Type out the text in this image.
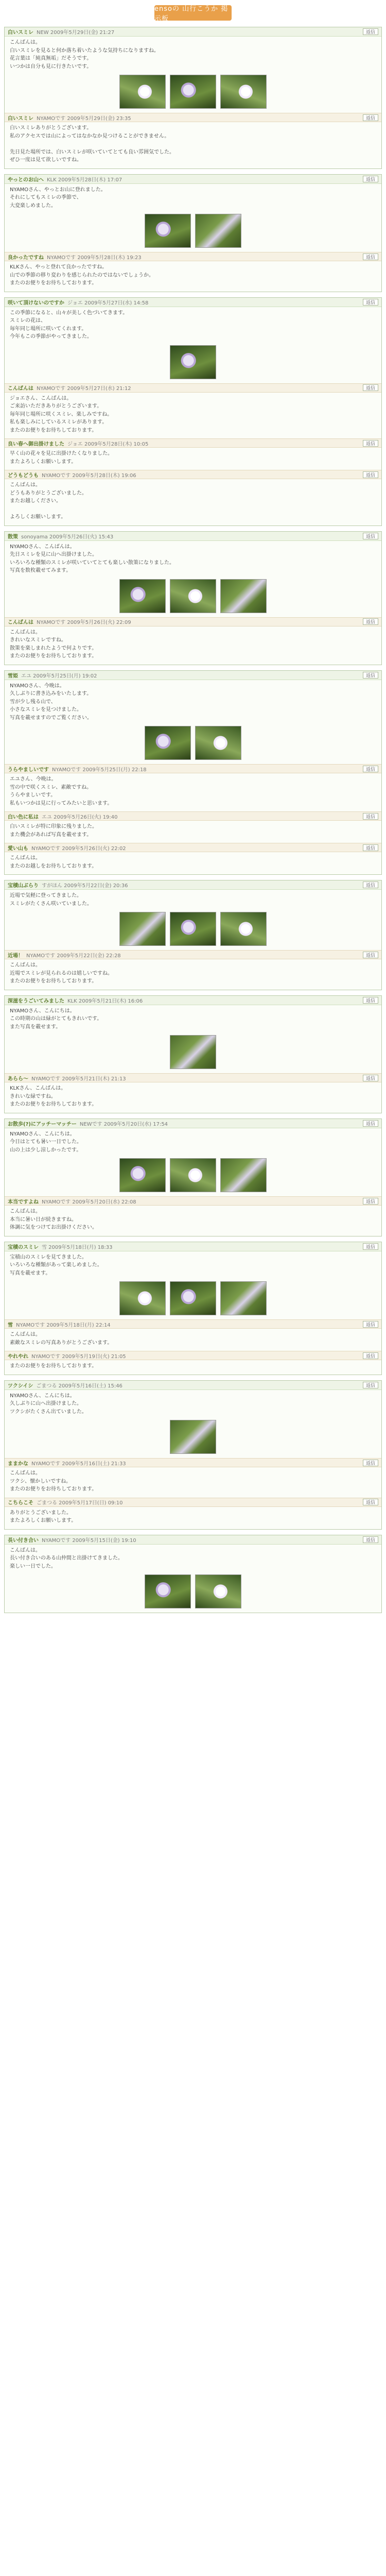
ensoの 山行こうか 掲示板
白いスミレ NEW 2009年5月29日(金) 21:27	返信
こんばんは。
白いスミレを見ると何か落ち着いたような気持ちになりますね。
花言葉は「純真無垢」だそうです。
いつかは自分も見に行きたいです。
白いスミレ NYAMOです 2009年5月29日(金) 23:35	返信
白いスミレありがとうございます。
私のアクセスでは山によってはなかなか見つけることができません。

先日見た場所では、白いスミレが咲いていてとても良い雰囲気でした。
ぜひ一度は見て欲しいですね。
やっとのお山へ KLK 2009年5月28日(木) 17:07	返信
NYAMOさん、やっとお山に登れました。
それにしてもスミレの季節で、
大変楽しめました。
良かったですね NYAMOです 2009年5月28日(木) 19:23	返信
KLKさん、やっと登れて良かったですね。
山での季節の移り変わりを感じられたのではないでしょうか。
またのお便りをお待ちしております。
咲いて頂けないのですか ジョエ 2009年5月27日(水) 14:58	返信
この季節になると、山々が美しく色づいてきます。
スミレの花は、
毎年同じ場所に咲いてくれます。
今年もこの季節がやってきました。
こんばんは NYAMOです 2009年5月27日(水) 21:12	返信
ジョエさん、こんばんは。
ご来訪いただきありがとうございます。
毎年同じ場所に咲くスミレ、楽しみですね。
私も楽しみにしているスミレがあります。
またのお便りをお待ちしております。
良い春へ御出掛けました ジョエ 2009年5月28日(木) 10:05	返信
早く山の花々を見に出掛けたくなりました。
またよろしくお願いします。
どうもどうも NYAMOです 2009年5月28日(木) 19:06	返信
こんばんは。
どうもありがとうございました。
またお越しください。

よろしくお願いします。
散策 sonoyama 2009年5月26日(火) 15:43	返信
NYAMOさん、こんばんは。
先日スミレを見に山へ出掛けました。
いろいろな種類のスミレが咲いていてとても楽しい散策になりました。
写真を数枚載せてみます。
こんばんは NYAMOです 2009年5月26日(火) 22:09	返信
こんばんは。
きれいなスミレですね。
散策を楽しまれたようで何よりです。
またのお便りをお待ちしております。
雪姫 エユ 2009年5月25日(月) 19:02	返信
NYAMOさん、今晩は。
久しぶりに書き込みをいたします。
雪が少し残る山で、
小さなスミレを見つけました。
写真を載せますのでご覧ください。
うらやましいです NYAMOです 2009年5月25日(月) 22:18	返信
エユさん、今晩は。
雪の中で咲くスミレ、素敵ですね。
うらやましいです。
私もいつかは見に行ってみたいと思います。
白い色に私は エユ 2009年5月26日(火) 19:40	返信
白いスミレが特に印象に残りました。
また機会があれば写真を載せます。
愛い山も NYAMOです 2009年5月26日(火) 22:02	返信
こんばんは。
またのお越しをお待ちしております。
宝積山ぶらり すがほん 2009年5月22日(金) 20:36	返信
近場で気軽に登ってきました。
スミレがたくさん咲いていました。
近場！ NYAMOです 2009年5月22日(金) 22:28	返信
こんばんは。
近場でスミレが見られるのは嬉しいですね。
またのお便りをお待ちしております。
深滋をうごいてみました KLK 2009年5月21日(木) 16:06	返信
NYAMOさん、こんにちは。
この時期の山は緑がとてもきれいです。
また写真を載せます。
あらら～ NYAMOです 2009年5月21日(木) 21:13	返信
KLKさん、こんばんは。
きれいな緑ですね。
またのお便りをお待ちしております。
お散歩(?)にアッチーマッチー NEWです 2009年5月20日(水) 17:54	返信
NYAMOさん、こんにちは。
今日はとても暑い一日でした。
山の上は少し涼しかったです。
本当ですよね NYAMOです 2009年5月20日(水) 22:08	返信
こんばんは。
本当に暑い日が続きますね。
体調に気をつけてお出掛けください。
宝積のスミレ 雪 2009年5月18日(月) 18:33	返信
宝積山のスミレを見てきました。
いろいろな種類があって楽しめました。
写真を載せます。
雪 NYAMOです 2009年5月18日(月) 22:14	返信
こんばんは。
素敵なスミレの写真ありがとうございます。
やれやれ NYAMOです 2009年5月19日(火) 21:05	返信
またのお便りをお待ちしております。
ツクシイシ ごまつる 2009年5月16日(土) 15:46	返信
NYAMOさん、こんにちは。
久しぶりに山へ出掛けました。
ツクシがたくさん出ていました。
ままかな NYAMOです 2009年5月16日(土) 21:33	返信
こんばんは。
ツクシ、懐かしいですね。
またのお便りをお待ちしております。
こちらこそ ごまつる 2009年5月17日(日) 09:10	返信
ありがとうございました。
またよろしくお願いします。
長い付き合い NYAMOです 2009年5月15日(金) 19:10	返信
こんばんは。
長い付き合いのある山仲間と出掛けてきました。
楽しい一日でした。
